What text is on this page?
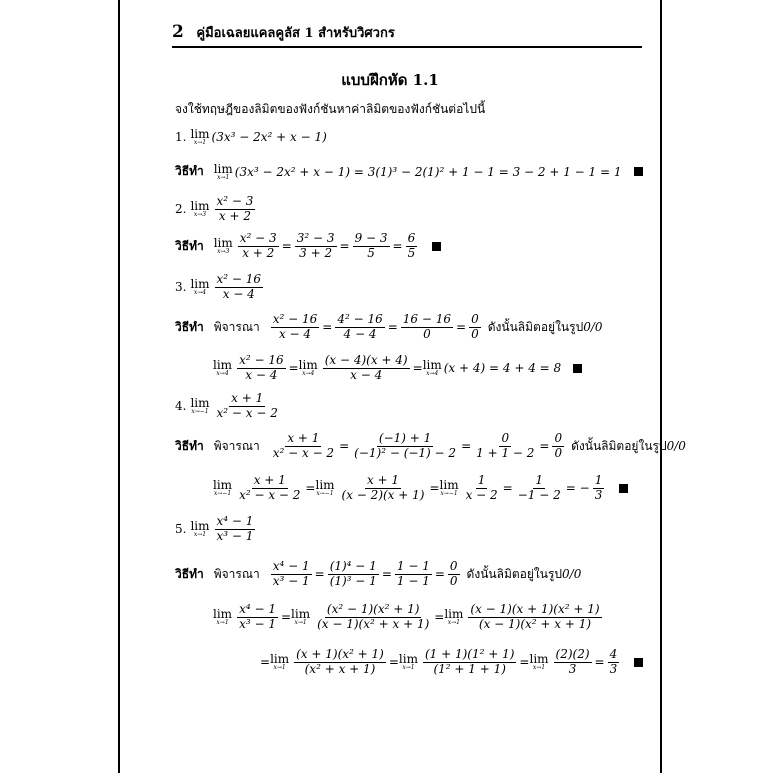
2 คู่มือเฉลยแคลคูลัส 1 สำหรับวิศวกร
แบบฝึกหัด 1.1
จงใช้ทฤษฎีของลิมิตของฟังก์ชันหาค่าลิมิตของฟังก์ชันต่อไปนี้
1. lim
x→1 (3x³ − 2x² + x − 1)
วิธีทำ lim
x→1 (3x³ − 2x² + x − 1) = 3(1)³ − 2(1)² + 1 − 1 = 3 − 2 + 1 − 1 = 1
2. lim
$x\to 3 \frac{\text{x² − 3}}{x + 2}$
วิธีทำ lim
$x\to 3 \frac{\text{x² − 3}}{x + 2} = \frac{\text{3² − 3}}{3 + 2} = \frac{9 - 3}{5} = \frac{6}{5}$
3. lim
$x\to 4 \frac{\text{x² − 16}}{x - 4}$
วิธีทำ พิจารณา $\frac{\text{x² − 16}}{x - 4} = \frac{\text{4² − 16}}{4 - 4} = \frac{16 - 16}{0} = \frac{0}{0}$ ดังนั้นลิมิตอยู่ในรูป 0/0
lim
$x\to 4 \frac{\text{x² − 16}}{x - 4} = \lim$
$x\to 4 \frac{(x - 4)(x + 4)}{x - 4} = \lim$
x→4 (x + 4) = 4 + 4 = 8
4. lim
$x\to-1 \frac{x + 1}{\text{x² − x − 2}}$
วิธีทำ พิจารณา $\frac{x + 1}{\text{x² − x − 2}} = \frac{(-1) + 1}{\text{(−1)² − (−1) − 2}} = \frac{0}{1 + 1 - 2} = \frac{0}{0}$ ดังนั้นลิมิตอยู่ในรูป 0/0
lim
$x\to-1 \frac{x + 1}{\text{x² − x − 2}} = \lim$
$x\to-1 \frac{x + 1}{(x - 2)(x + 1)} = \lim$
$x\to-1 \frac{1}{x - 2} = \frac{1}{-1 - 2}$ = − $\frac{1}{3}$
5. lim
$x\to 1 \frac{\text{x⁴ − 1}}{\text{x³ − 1}}$
วิธีทำ พิจารณา $\frac{\text{x⁴ − 1}}{\text{x³ − 1}} = \frac{\text{(1)⁴ − 1}}{\text{(1)³ − 1}} = \frac{1 - 1}{1 - 1} = \frac{0}{0}$ ดังนั้นลิมิตอยู่ในรูป 0/0
lim
$x\to 1 \frac{\text{x⁴ − 1}}{\text{x³ − 1}} = \lim$
$x\to 1 \frac{\text{(x² − 1)(x² + 1)}}{\text{(x − 1)(x² + x + 1)}} = \lim$
$x\to 1 \frac{\text{(x − 1)(x + 1)(x² + 1)}}{\text{(x − 1)(x² + x + 1)}}$
= lim
$x\to 1 \frac{\text{(x + 1)(x² + 1)}}{\text{(x² + x + 1)}} = \lim$
$x\to 1 \frac{\text{(1 + 1)(1² + 1)}}{\text{(1² + 1 + 1)}} = \lim$
$x\to 1 \frac{(2)(2)}{3} = \frac{4}{3}$
